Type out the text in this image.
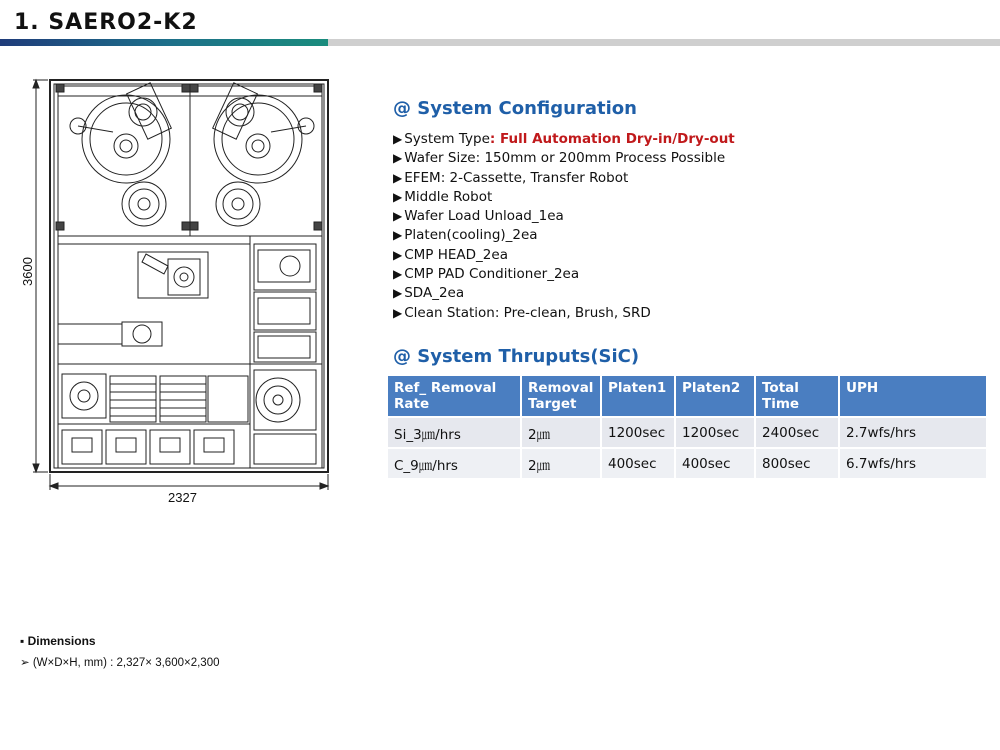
1. SAERO2-K2
3600
2327
@ System Configuration
▶ System Type: Full Automation Dry-in/Dry-out
▶ Wafer Size: 150mm or 200mm Process Possible
▶ EFEM: 2-Cassette, Transfer Robot
▶ Middle Robot
▶ Wafer Load Unload_1ea
▶ Platen(cooling)_2ea
▶ CMP HEAD_2ea
▶ CMP PAD Conditioner_2ea
▶ SDA_2ea
▶ Clean Station: Pre-clean, Brush, SRD
@ System Thruputs(SiC)
Ref_ Removal Rate	Removal Target	Platen1	Platen2	Total Time	UPH
Si_3㎛/hrs	2㎛	1200sec	1200sec	2400sec	2.7wfs/hrs
C_9㎛/hrs	2㎛	400sec	400sec	800sec	6.7wfs/hrs
▪ Dimensions
➢ (W×D×H, mm) : 2,327× 3,600×2,300
